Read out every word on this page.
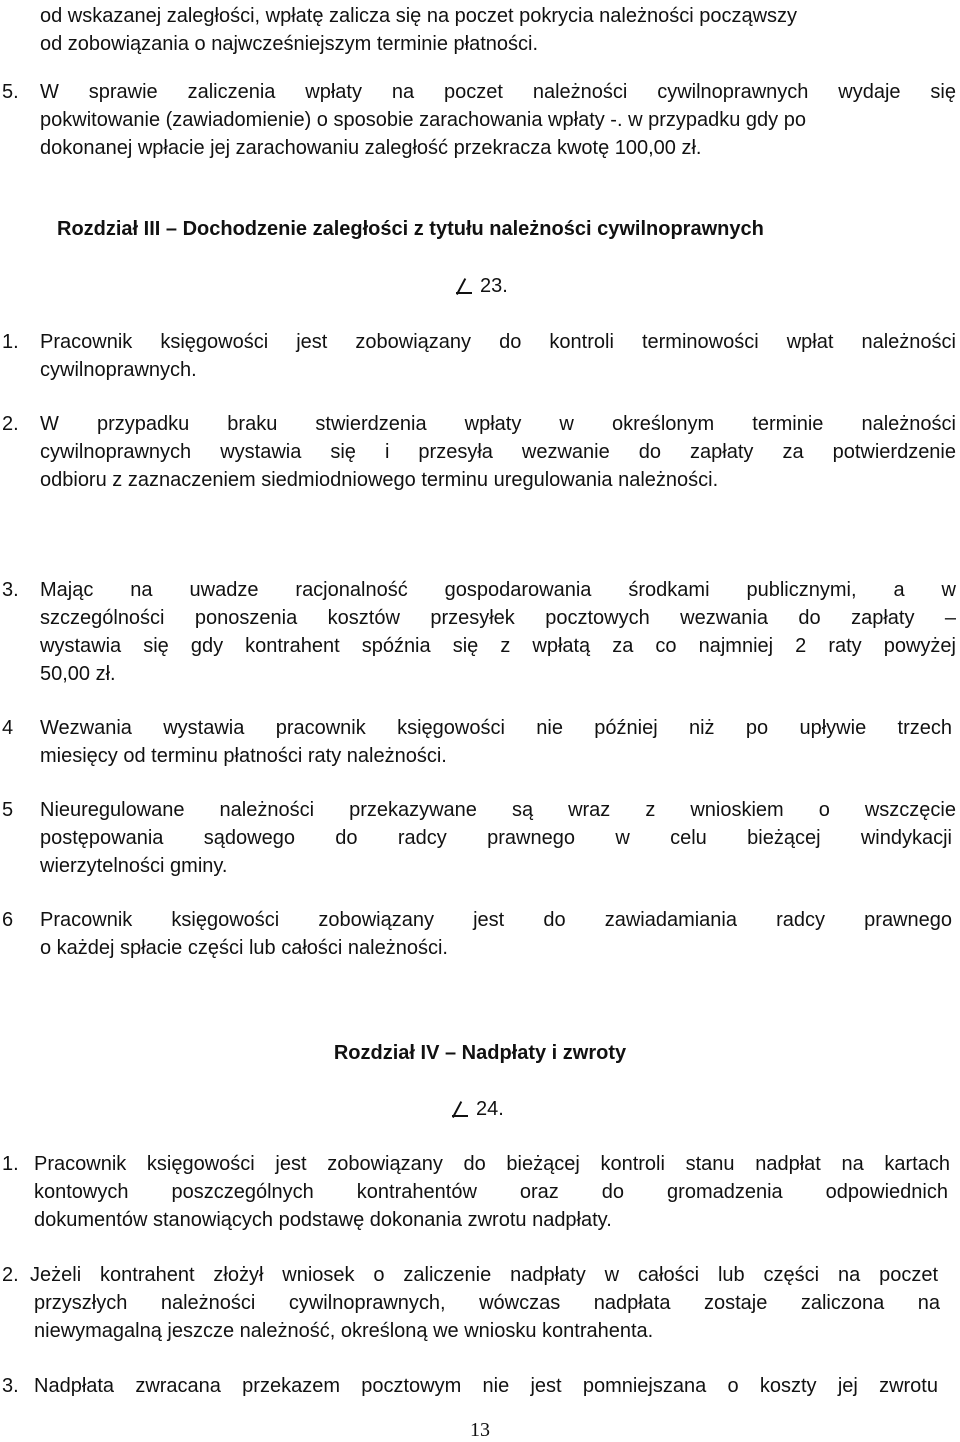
od wskazanej zaległości, wpłatę zalicza się na poczet pokrycia należności począwszy
od zobowiązania o najwcześniejszym terminie płatności.
5. W sprawie zaliczenia wpłaty na poczet należności cywilnoprawnych wydaje się
pokwitowanie (zawiadomienie) o sposobie zarachowania wpłaty -. w przypadku gdy po
dokonanej wpłacie jej zarachowaniu zaległość przekracza kwotę 100,00 zł.
Rozdział III – Dochodzenie zaległości z tytułu należności cywilnoprawnych
23.
1. Pracownik księgowości jest zobowiązany do kontroli terminowości wpłat należności
cywilnoprawnych.
2. W przypadku braku stwierdzenia wpłaty w określonym terminie należności
cywilnoprawnych wystawia się i przesyła wezwanie do zapłaty za potwierdzenie
odbioru z zaznaczeniem siedmiodniowego terminu uregulowania należności.
3. Mając na uwadze racjonalność gospodarowania środkami publicznymi, a w
szczególności ponoszenia kosztów przesyłek pocztowych wezwania do zapłaty –
wystawia się gdy kontrahent spóźnia się z wpłatą za co najmniej 2 raty powyżej
50,00 zł.
4 Wezwania wystawia pracownik księgowości nie później niż po upływie trzech
miesięcy od terminu płatności raty należności.
5 Nieuregulowane należności przekazywane są wraz z wnioskiem o wszczęcie
postępowania sądowego do radcy prawnego w celu bieżącej windykacji
wierzytelności gminy.
6 Pracownik księgowości zobowiązany jest do zawiadamiania radcy prawnego
o każdej spłacie części lub całości należności.
Rozdział IV – Nadpłaty i zwroty
24.
1. Pracownik księgowości jest zobowiązany do bieżącej kontroli stanu nadpłat na kartach
kontowych poszczególnych kontrahentów oraz do gromadzenia odpowiednich
dokumentów stanowiących podstawę dokonania zwrotu nadpłaty.
2. Jeżeli kontrahent złożył wniosek o zaliczenie nadpłaty w całości lub części na poczet
przyszłych należności cywilnoprawnych, wówczas nadpłata zostaje zaliczona na
niewymagalną jeszcze należność, określoną we wniosku kontrahenta.
3. Nadpłata zwracana przekazem pocztowym nie jest pomniejszana o koszty jej zwrotu
13
